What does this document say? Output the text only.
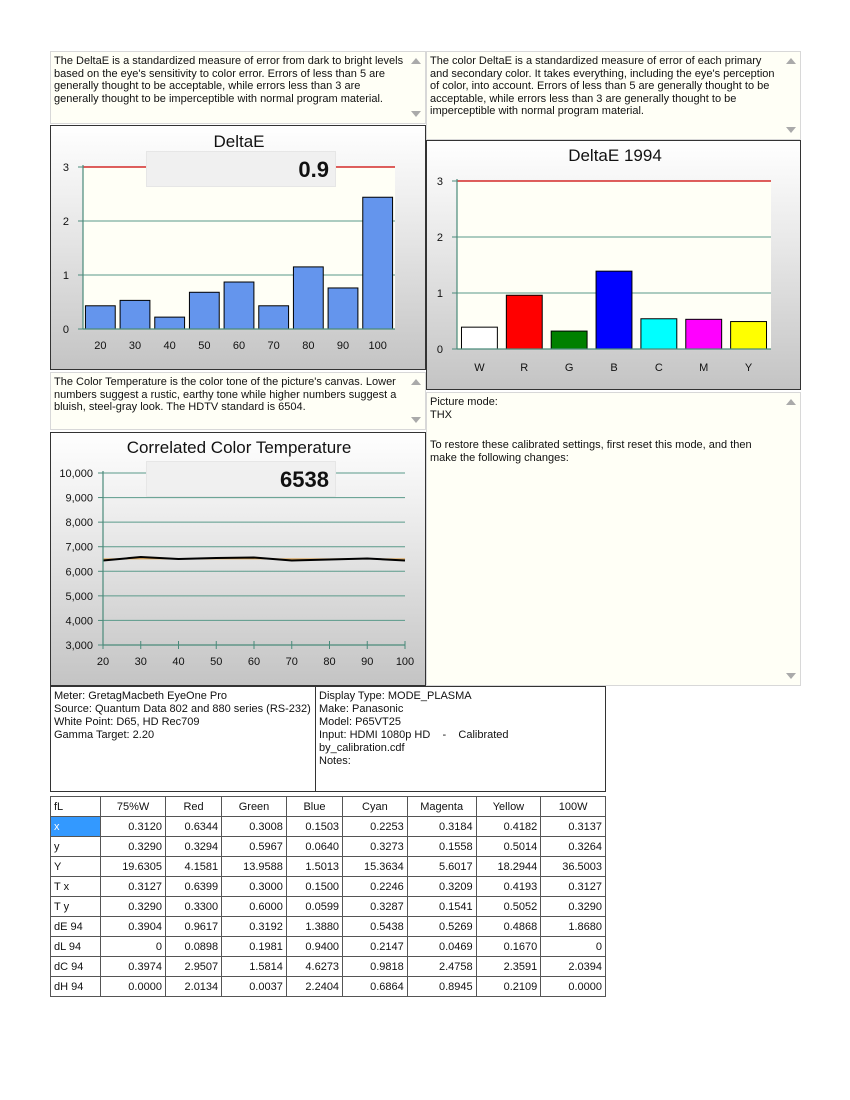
The DeltaE is a standardized measure of error from dark to bright levels based on the eye's sensitivity to color error. Errors of less than 5 are generally thought to be acceptable, while errors less than 3 are generally thought to be imperceptible with normal program material.
The color DeltaE is a standardized measure of error of each primary and secondary color. It takes everything, including the eye's perception of color, into account. Errors of less than 5 are generally thought to be acceptable, while errors less than 3 are generally thought to be imperceptible with normal program material.
DeltaE
0
1
2
3
20 30 40 50 60 70 80 90 100
0.9
DeltaE 1994
0
1
2
3
W	R	G	B	C	M	Y
The Color Temperature is the color tone of the picture's canvas. Lower numbers suggest a rustic, earthy tone while higher numbers suggest a bluish, steel-gray look. The HDTV standard is 6504.	Picture mode:
THX
To restore these calibrated settings, first reset this mode, and then make the following changes:
Correlated Color Temperature
3,000
4,000
5,000
6,000
7,000
8,000
9,000
10,000
20 30 40 50 60 70 80 90 100
6538
Meter: GretagMacbeth EyeOne Pro
Source: Quantum Data 802 and 880 series (RS-232)
White Point: D65, HD Rec709
Gamma Target: 2.20
Display Type: MODE_PLASMA
Make: Panasonic
Model: P65VT25
Input: HDMI 1080p HD    -    Calibrated
by_calibration.cdf
Notes:
fL	75%W	Red	Green	Blue	Cyan	Magenta	Yellow	100W
x	0.3120	0.6344	0.3008	0.1503	0.2253	0.3184	0.4182	0.3137
y	0.3290	0.3294	0.5967	0.0640	0.3273	0.1558	0.5014	0.3264
Y	19.6305	4.1581	13.9588	1.5013	15.3634	5.6017	18.2944	36.5003
T x	0.3127	0.6399	0.3000	0.1500	0.2246	0.3209	0.4193	0.3127
T y	0.3290	0.3300	0.6000	0.0599	0.3287	0.1541	0.5052	0.3290
dE 94	0.3904	0.9617	0.3192	1.3880	0.5438	0.5269	0.4868	1.8680
dL 94	0	0.0898	0.1981	0.9400	0.2147	0.0469	0.1670	0
dC 94	0.3974	2.9507	1.5814	4.6273	0.9818	2.4758	2.3591	2.0394
dH 94	0.0000	2.0134	0.0037	2.2404	0.6864	0.8945	0.2109	0.0000
